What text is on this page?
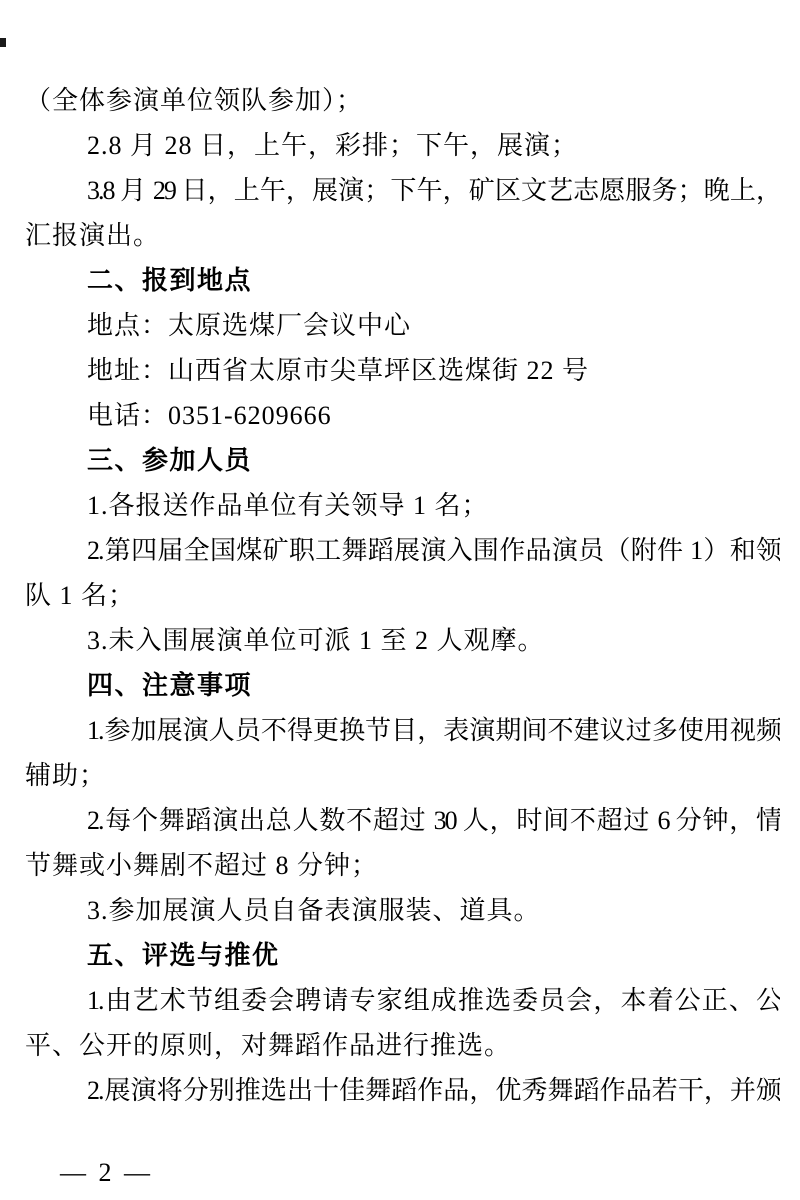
（全体参演单位领队参加）；
2.8 月 28 日，上午，彩排；下午，展演；
3.8 月 29 日，上午，展演；下午，矿区文艺志愿服务；晚上，
汇报演出。
二、报到地点
地点：太原选煤厂会议中心
地址：山西省太原市尖草坪区选煤街 22 号
电话：0351-6209666
三、参加人员
1.各报送作品单位有关领导 1 名；
2.第四届全国煤矿职工舞蹈展演入围作品演员（附件 1）和领
队 1 名；
3.未入围展演单位可派 1 至 2 人观摩。
四、注意事项
1.参加展演人员不得更换节目，表演期间不建议过多使用视频
辅助；
2.每个舞蹈演出总人数不超过 30 人，时间不超过 6 分钟，情
节舞或小舞剧不超过 8 分钟；
3.参加展演人员自备表演服装、道具。
五、评选与推优
1.由艺术节组委会聘请专家组成推选委员会，本着公正、公
平、公开的原则，对舞蹈作品进行推选。
2.展演将分别推选出十佳舞蹈作品，优秀舞蹈作品若干，并颁
— 2 —
